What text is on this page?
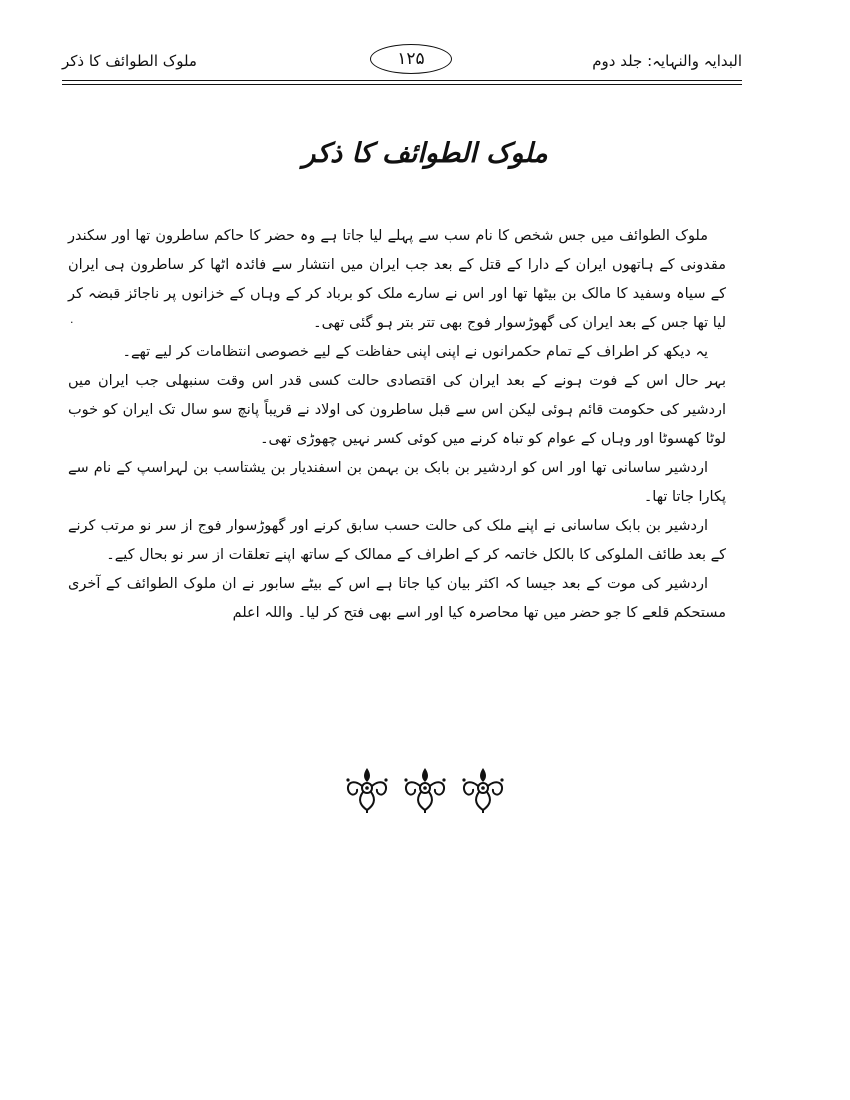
ملوک الطوائف کا ذکر	۱۲۵	البدایہ والنہایہ: جلد دوم
ملوک الطوائف کا ذکر
·

ملوک الطوائف میں جس شخص کا نام سب سے پہلے لیا جاتا ہے وہ حضر کا حاکم ساطرون تھا اور سکندر مقدونی کے ہاتھوں ایران کے دارا کے قتل کے بعد جب ایران میں انتشار سے فائدہ اٹھا کر ساطرون ہی ایران کے سیاہ وسفید کا مالک بن بیٹھا تھا اور اس نے سارے ملک کو برباد کر کے وہاں کے خزانوں پر ناجائز قبضہ کر لیا تھا جس کے بعد ایران کی گھوڑسوار فوج بھی تتر بتر ہو گئی تھی۔

یہ دیکھ کر اطراف کے تمام حکمرانوں نے اپنی اپنی حفاظت کے لیے خصوصی انتظامات کر لیے تھے۔

بہر حال اس کے فوت ہونے کے بعد ایران کی اقتصادی حالت کسی قدر اس وقت سنبھلی جب ایران میں اردشیر کی حکومت قائم ہوئی لیکن اس سے قبل ساطرون کی اولاد نے قریباً پانچ سو سال تک ایران کو خوب لوٹا کھسوٹا اور وہاں کے عوام کو تباہ کرنے میں کوئی کسر نہیں چھوڑی تھی۔

اردشیر ساسانی تھا اور اس کو اردشیر بن بابک بن بہمن بن اسفندیار بن یشتاسب بن لہراسپ کے نام سے پکارا جاتا تھا۔

اردشیر بن بابک ساسانی نے اپنے ملک کی حالت حسب سابق کرنے اور گھوڑسوار فوج از سر نو مرتب کرنے کے بعد طائف الملوکی کا بالکل خاتمہ کر کے اطراف کے ممالک کے ساتھ اپنے تعلقات از سر نو بحال کیے۔

اردشیر کی موت کے بعد جیسا کہ اکثر بیان کیا جاتا ہے اس کے بیٹے سابور نے ان ملوک الطوائف کے آخری مستحکم قلعے کا جو حضر میں تھا محاصرہ کیا اور اسے بھی فتح کر لیا۔ واللہ اعلم
